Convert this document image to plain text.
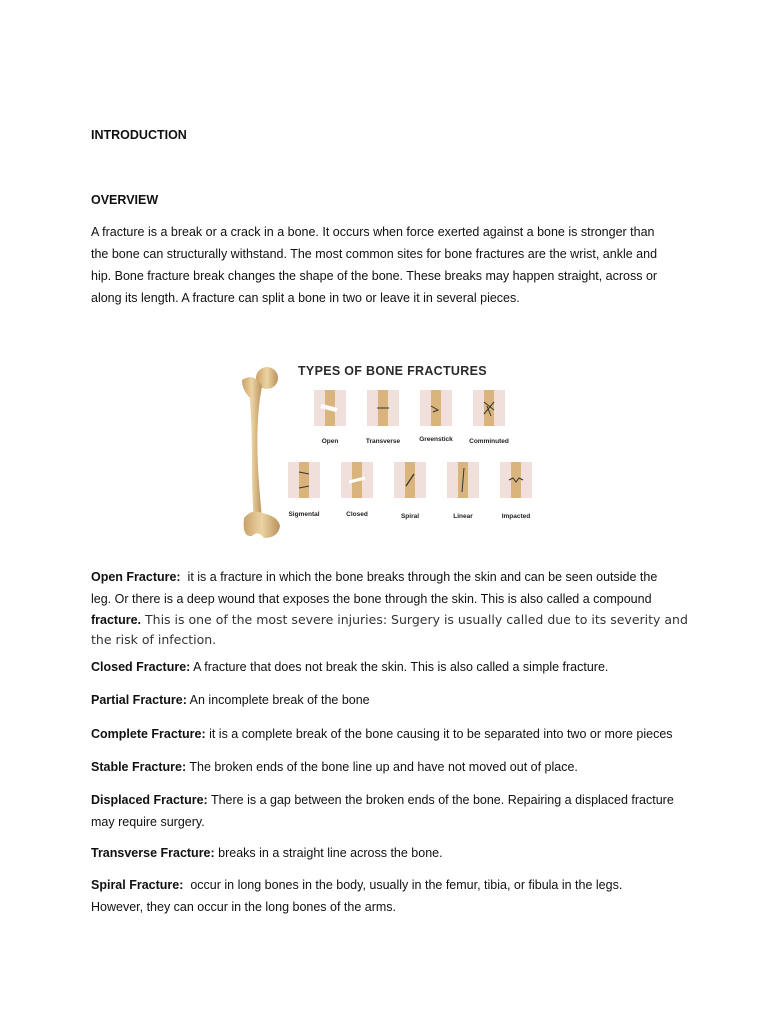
INTRODUCTION
OVERVIEW
A fracture is a break or a crack in a bone. It occurs when force exerted against a bone is stronger than
the bone can structurally withstand. The most common sites for bone fractures are the wrist, ankle and
hip. Bone fracture break changes the shape of the bone. These breaks may happen straight, across or
along its length. A fracture can split a bone in two or leave it in several pieces.
TYPES OF BONE FRACTURES
Open	Transverse	Greenstick	Comminuted
Sigmental	Closed	Spiral	Linear	Impacted
Open Fracture:  it is a fracture in which the bone breaks through the skin and can be seen outside the
leg. Or there is a deep wound that exposes the bone through the skin. This is also called a compound
fracture. This is one of the most severe injuries: Surgery is usually called due to its severity and
the risk of infection.
Closed Fracture: A fracture that does not break the skin. This is also called a simple fracture.
Partial Fracture: An incomplete break of the bone
Complete Fracture: it is a complete break of the bone causing it to be separated into two or more pieces
Stable Fracture: The broken ends of the bone line up and have not moved out of place.
Displaced Fracture: There is a gap between the broken ends of the bone. Repairing a displaced fracture
may require surgery.
Transverse Fracture: breaks in a straight line across the bone.
Spiral Fracture:  occur in long bones in the body, usually in the femur, tibia, or fibula in the legs.
However, they can occur in the long bones of the arms.
